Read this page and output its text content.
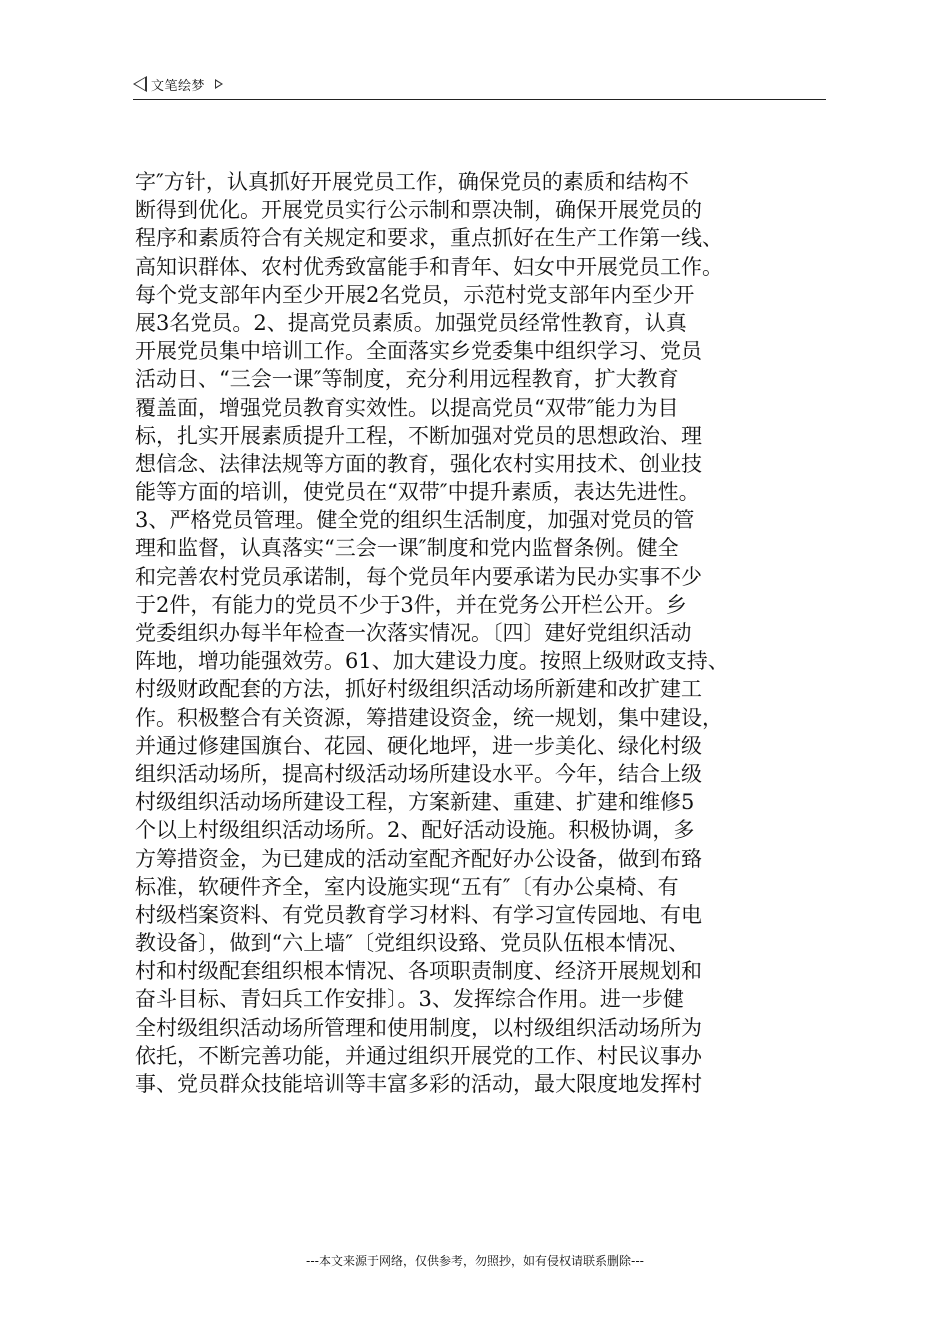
文笔绘梦
字″方针，认真抓好开展党员工作，确保党员的素质和结构不
断得到优化。开展党员实行公示制和票决制，确保开展党员的
程序和素质符合有关规定和要求，重点抓好在生产工作第一线、
高知识群体、农村优秀致富能手和青年、妇女中开展党员工作。
每个党支部年内至少开展2名党员，示范村党支部年内至少开
展3名党员。2、提高党员素质。加强党员经常性教育，认真
开展党员集中培训工作。全面落实乡党委集中组织学习、党员
活动日、“三会一课″等制度，充分利用远程教育，扩大教育
覆盖面，增强党员教育实效性。以提高党员“双带″能力为目
标，扎实开展素质提升工程，不断加强对党员的思想政治、理
想信念、法律法规等方面的教育，强化农村实用技术、创业技
能等方面的培训，使党员在“双带″中提升素质，表达先进性。
3、严格党员管理。健全党的组织生活制度，加强对党员的管
理和监督，认真落实“三会一课″制度和党内监督条例。健全
和完善农村党员承诺制，每个党员年内要承诺为民办实事不少
于2件，有能力的党员不少于3件，并在党务公开栏公开。乡
党委组织办每半年检查一次落实情况。〔四〕建好党组织活动
阵地，增功能强效劳。61、加大建设力度。按照上级财政支持、
村级财政配套的方法，抓好村级组织活动场所新建和改扩建工
作。积极整合有关资源，筹措建设资金，统一规划，集中建设，
并通过修建国旗台、花园、硬化地坪，进一步美化、绿化村级
组织活动场所，提高村级活动场所建设水平。今年，结合上级
村级组织活动场所建设工程，方案新建、重建、扩建和维修5
个以上村级组织活动场所。2、配好活动设施。积极协调，多
方筹措资金，为已建成的活动室配齐配好办公设备，做到布臵
标准，软硬件齐全，室内设施实现“五有″〔有办公桌椅、有
村级档案资料、有党员教育学习材料、有学习宣传园地、有电
教设备〕，做到“六上墙″〔党组织设臵、党员队伍根本情况、
村和村级配套组织根本情况、各项职责制度、经济开展规划和
奋斗目标、青妇兵工作安排〕。3、发挥综合作用。进一步健
全村级组织活动场所管理和使用制度，以村级组织活动场所为
依托，不断完善功能，并通过组织开展党的工作、村民议事办
事、党员群众技能培训等丰富多彩的活动，最大限度地发挥村
---本文来源于网络，仅供参考，勿照抄，如有侵权请联系删除---
